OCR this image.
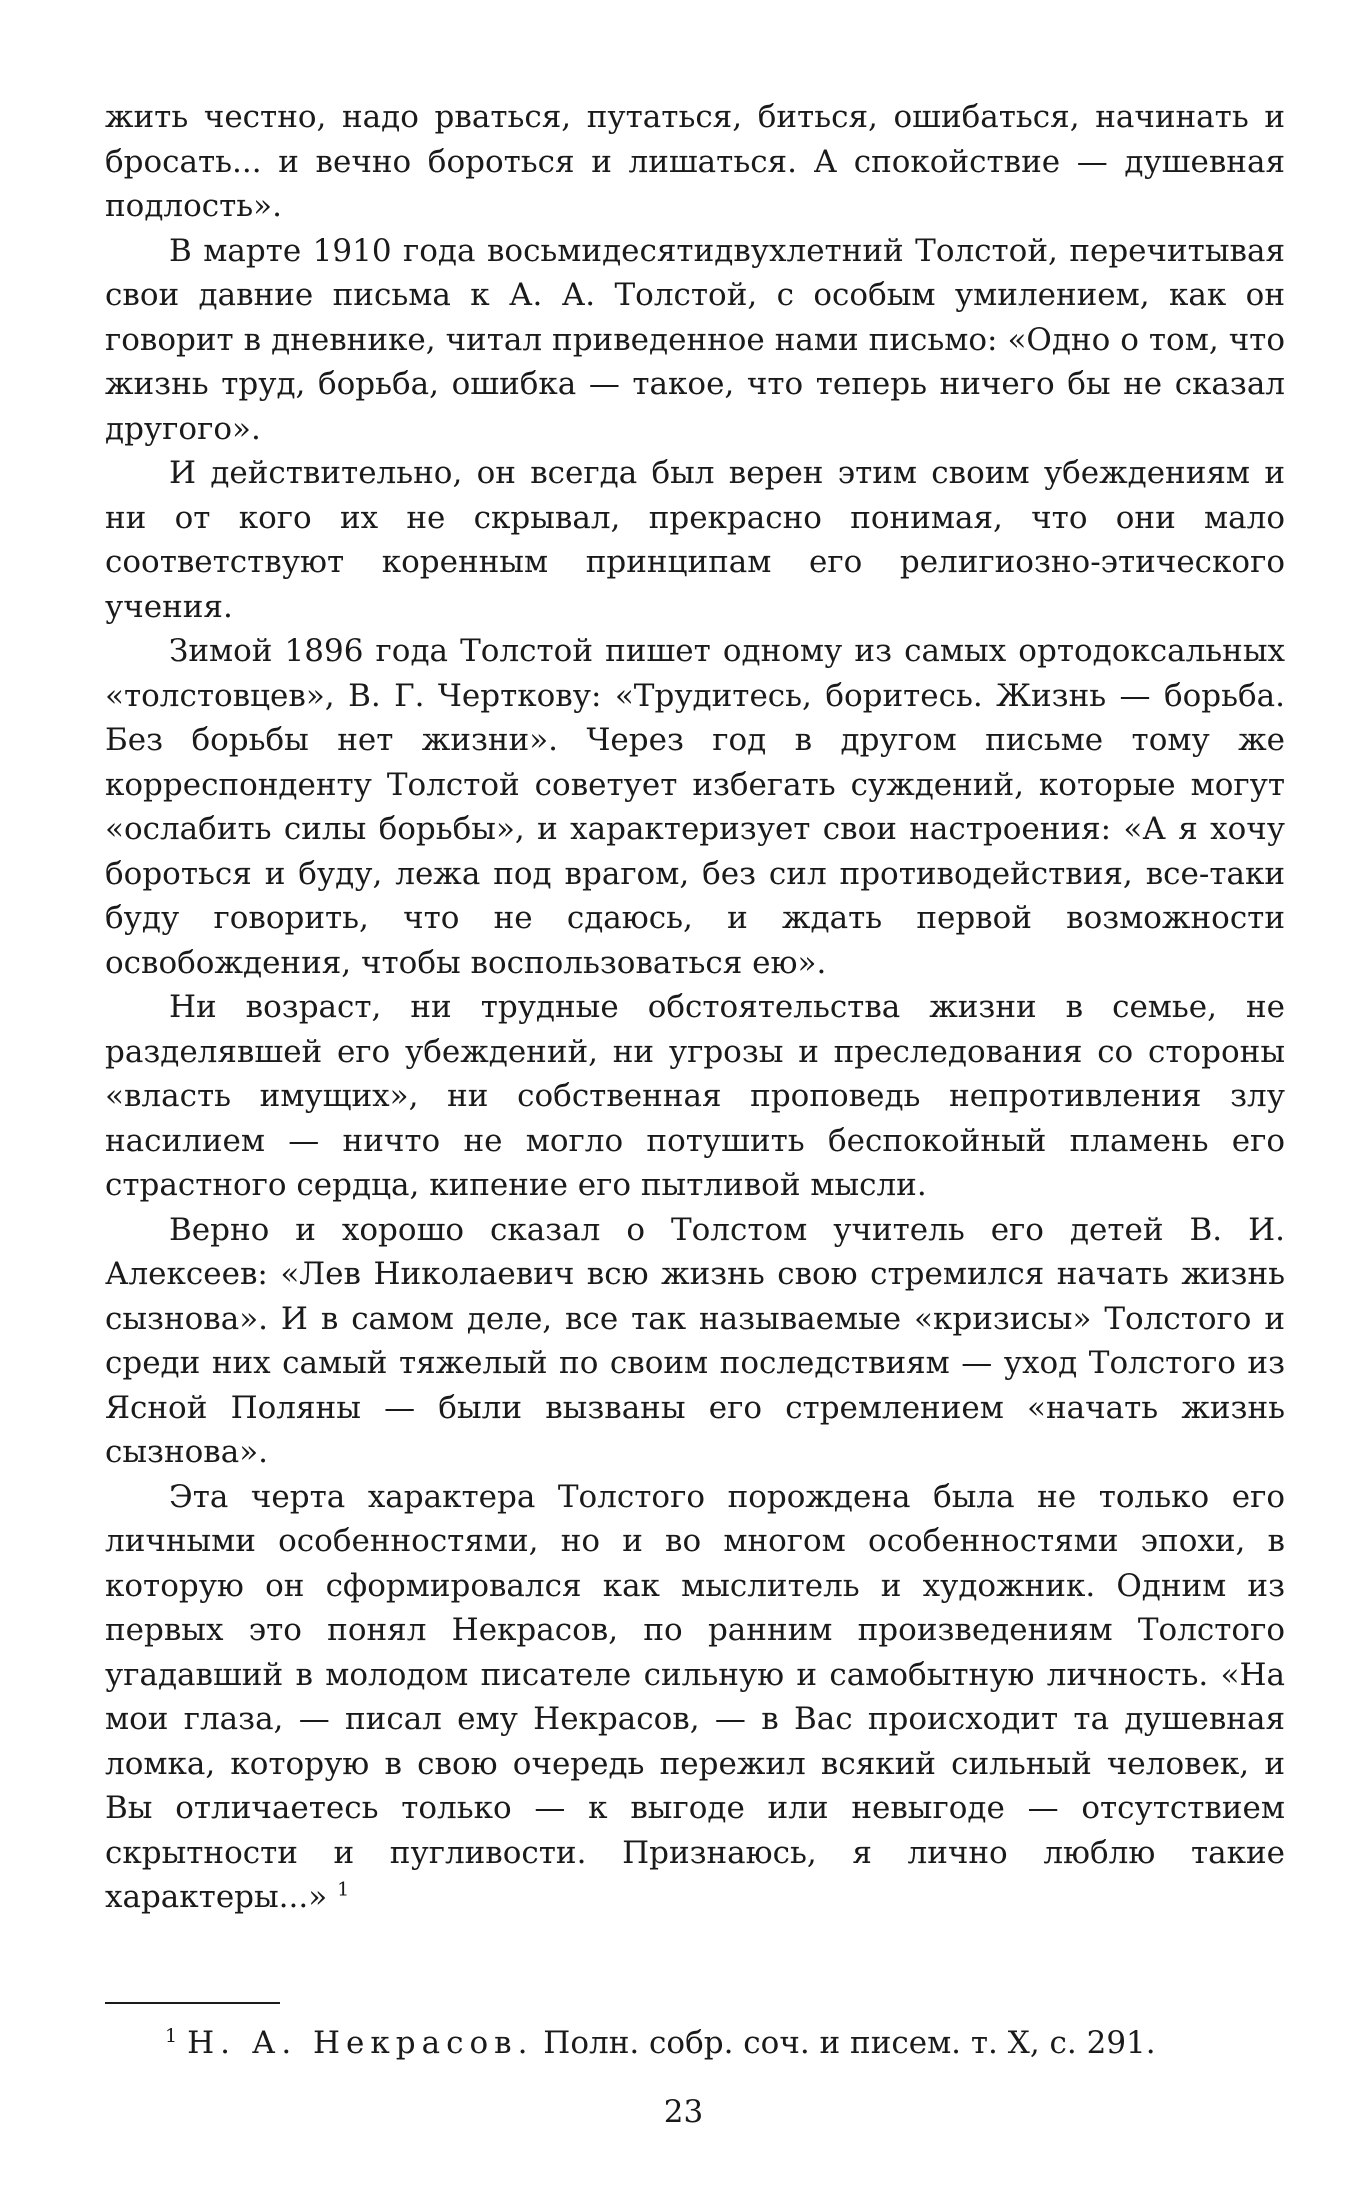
жить честно, надо рваться, путаться, биться, ошибаться, начинать и бросать... и вечно бороться и лишаться. А спокойствие — душевная подлость».

В марте 1910 года восьмидесятидвухлетний Толстой, перечитывая свои давние письма к А. А. Толстой, с особым умилением, как он говорит в дневнике, читал приведенное нами письмо: «Одно о том, что жизнь труд, борьба, ошибка — такое, что теперь ничего бы не сказал другого».

И действительно, он всегда был верен этим своим убеждениям и ни от кого их не скрывал, прекрасно понимая, что они мало соответствуют коренным принципам его религиозно-этического учения.

Зимой 1896 года Толстой пишет одному из самых ортодоксальных «толстовцев», В. Г. Черткову: «Трудитесь, боритесь. Жизнь — борьба. Без борьбы нет жизни». Через год в другом письме тому же корреспонденту Толстой советует избегать суждений, которые могут «ослабить силы борьбы», и характеризует свои настроения: «А я хочу бороться и буду, лежа под врагом, без сил противодействия, все-таки буду говорить, что не сдаюсь, и ждать первой возможности освобождения, чтобы воспользоваться ею».

Ни возраст, ни трудные обстоятельства жизни в семье, не разделявшей его убеждений, ни угрозы и преследования со стороны «власть имущих», ни собственная проповедь непротивления злу насилием — ничто не могло потушить беспокойный пламень его страстного сердца, кипение его пытливой мысли.

Верно и хорошо сказал о Толстом учитель его детей В. И. Алексеев: «Лев Николаевич всю жизнь свою стремился начать жизнь сызнова». И в самом деле, все так называемые «кризисы» Толстого и среди них самый тяжелый по своим последствиям — уход Толстого из Ясной Поляны — были вызваны его стремлением «начать жизнь сызнова».

Эта черта характера Толстого порождена была не только его личными особенностями, но и во многом особенностями эпохи, в которую он сформировался как мыслитель и художник. Одним из первых это понял Некрасов, по ранним произведениям Толстого угадавший в молодом писателе сильную и самобытную личность. «На мои глаза, — писал ему Некрасов, — в Вас происходит та душевная ломка, которую в свою очередь пережил всякий сильный человек, и Вы отличаетесь только — к выгоде или невыгоде — отсутствием скрытности и пугливости. Признаюсь, я лично люблю такие характеры...» $^1$

$^1$ Н. А. Некрасов. Полн. собр. соч. и писем. т. X, с. 291.
23
